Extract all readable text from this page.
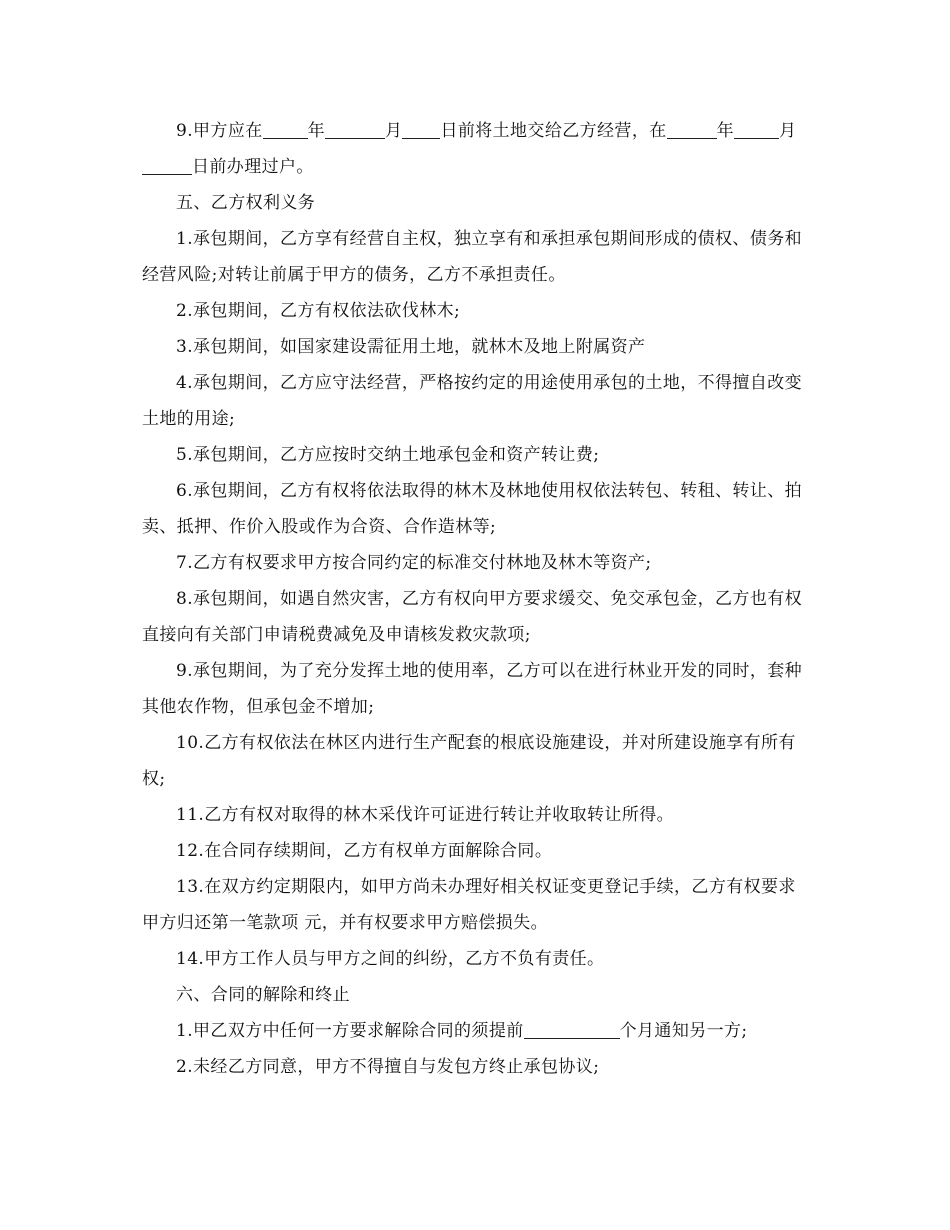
9.甲方应在	年	月 日前将土地交给乙方经营，在	年	月日前办理过户。

五、乙方权利义务

1.承包期间，乙方享有经营自主权，独立享有和承担承包期间形成的债权、债务和经营风险;对转让前属于甲方的债务，乙方不承担责任。

2.承包期间，乙方有权依法砍伐林木;

3.承包期间，如国家建设需征用土地，就林木及地上附属资产

4.承包期间，乙方应守法经营，严格按约定的用途使用承包的土地，不得擅自改变土地的用途;

5.承包期间，乙方应按时交纳土地承包金和资产转让费;

6.承包期间，乙方有权将依法取得的林木及林地使用权依法转包、转租、转让、拍卖、抵押、作价入股或作为合资、合作造林等;

7.乙方有权要求甲方按合同约定的标准交付林地及林木等资产;

8.承包期间，如遇自然灾害，乙方有权向甲方要求缓交、免交承包金，乙方也有权直接向有关部门申请税费减免及申请核发救灾款项;

9.承包期间，为了充分发挥土地的使用率，乙方可以在进行林业开发的同时，套种其他农作物，但承包金不增加;

10.乙方有权依法在林区内进行生产配套的根底设施建设，并对所建设施享有所有权;

11.乙方有权对取得的林木采伐许可证进行转让并收取转让所得。

12.在合同存续期间，乙方有权单方面解除合同。

13.在双方约定期限内，如甲方尚未办理好相关权证变更登记手续，乙方有权要求甲方归还第一笔款项 元，并有权要求甲方赔偿损失。

14.甲方工作人员与甲方之间的纠纷，乙方不负有责任。

六、合同的解除和终止

1.甲乙双方中任何一方要求解除合同的须提前	个月通知另一方;

2.未经乙方同意，甲方不得擅自与发包方终止承包协议;
